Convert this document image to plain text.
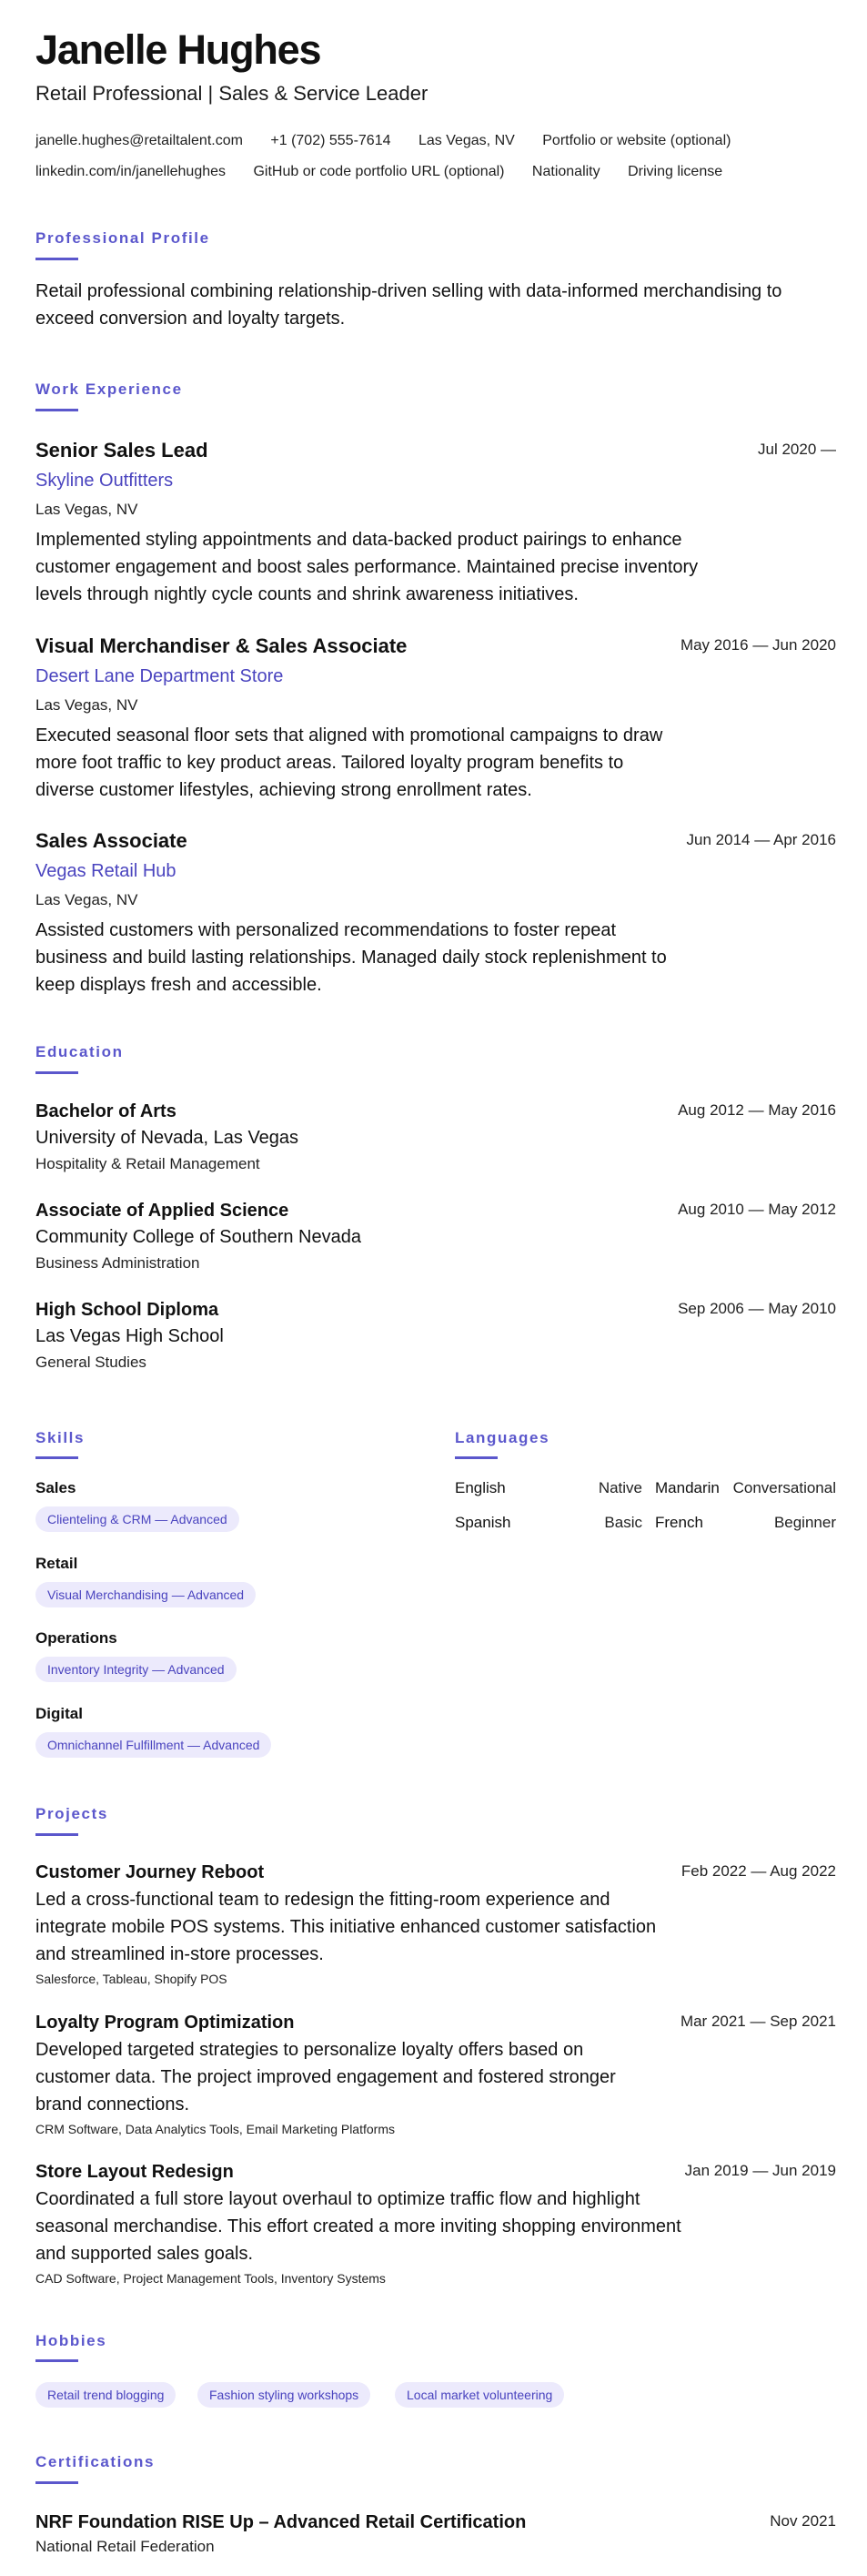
Janelle Hughes
Retail Professional | Sales & Service Leader
janelle.hughes@retailtalent.com +1 (702) 555-7614 Las Vegas, NV Portfolio or website (optional)
linkedin.com/in/janellehughes GitHub or code portfolio URL (optional) Nationality Driving license
Professional Profile
Retail professional combining relationship-driven selling with data-informed merchandising to exceed conversion and loyalty targets.
Work Experience
Senior Sales Lead	Jul 2020 —
Skyline Outfitters
Las Vegas, NV
Implemented styling appointments and data-backed product pairings to enhance customer engagement and boost sales performance. Maintained precise inventory levels through nightly cycle counts and shrink awareness initiatives.
Visual Merchandiser & Sales Associate	May 2016 — Jun 2020
Desert Lane Department Store
Las Vegas, NV
Executed seasonal floor sets that aligned with promotional campaigns to draw more foot traffic to key product areas. Tailored loyalty program benefits to diverse customer lifestyles, achieving strong enrollment rates.
Sales Associate	Jun 2014 — Apr 2016
Vegas Retail Hub
Las Vegas, NV
Assisted customers with personalized recommendations to foster repeat business and build lasting relationships. Managed daily stock replenishment to keep displays fresh and accessible.
Education
Bachelor of Arts	Aug 2012 — May 2016
University of Nevada, Las Vegas
Hospitality & Retail Management
Associate of Applied Science	Aug 2010 — May 2012
Community College of Southern Nevada
Business Administration
High School Diploma	Sep 2006 — May 2010
Las Vegas High School
General Studies
Skills
Sales
Clienteling & CRM — Advanced
Retail
Visual Merchandising — Advanced
Operations
Inventory Integrity — Advanced
Digital
Omnichannel Fulfillment — Advanced
Languages
English	Native Mandarin Conversational
Spanish	Basic French	Beginner
Projects
Customer Journey Reboot	Feb 2022 — Aug 2022
Led a cross-functional team to redesign the fitting-room experience and integrate mobile POS systems. This initiative enhanced customer satisfaction and streamlined in-store processes.
Salesforce, Tableau, Shopify POS
Loyalty Program Optimization	Mar 2021 — Sep 2021
Developed targeted strategies to personalize loyalty offers based on customer data. The project improved engagement and fostered stronger brand connections.
CRM Software, Data Analytics Tools, Email Marketing Platforms
Store Layout Redesign	Jan 2019 — Jun 2019
Coordinated a full store layout overhaul to optimize traffic flow and highlight seasonal merchandise. This effort created a more inviting shopping environment and supported sales goals.
CAD Software, Project Management Tools, Inventory Systems
Hobbies
Retail trend blogging	Fashion styling workshops	Local market volunteering
Certifications
NRF Foundation RISE Up – Advanced Retail Certification	Nov 2021
National Retail Federation
